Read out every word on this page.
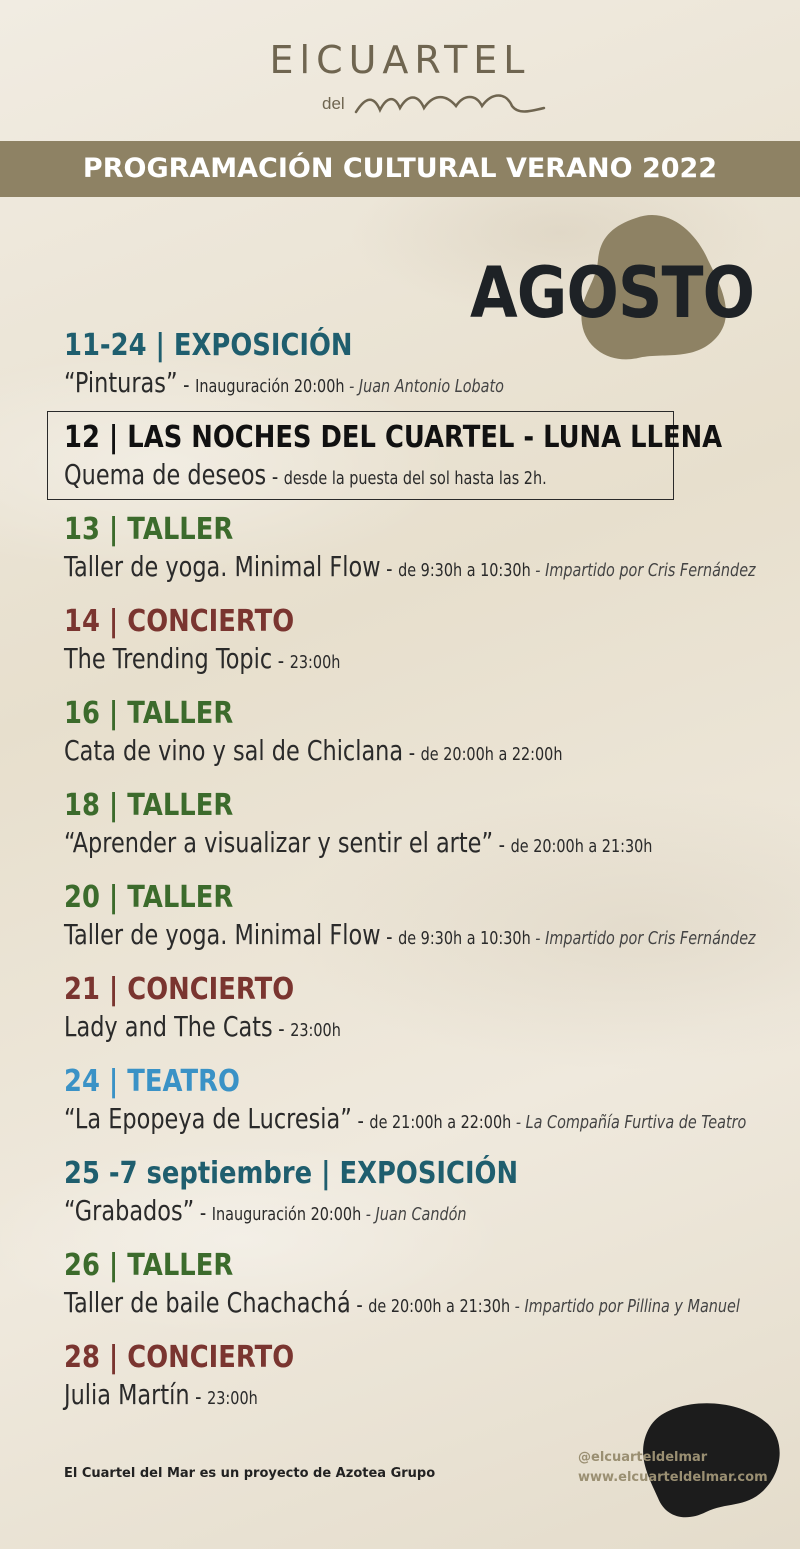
ElCUARTEL
del
PROGRAMACIÓN CULTURAL VERANO 2022
AGOSTO
11-24 | EXPOSICIÓN
“Pinturas” - Inauguración 20:00h - Juan Antonio Lobato
12 | LAS NOCHES DEL CUARTEL - LUNA LLENA
Quema de deseos - desde la puesta del sol hasta las 2h.
13 | TALLER
Taller de yoga. Minimal Flow - de 9:30h a 10:30h - Impartido por Cris Fernández
14 | CONCIERTO
The Trending Topic - 23:00h
16 | TALLER
Cata de vino y sal de Chiclana - de 20:00h a 22:00h
18 | TALLER
“Aprender a visualizar y sentir el arte” - de 20:00h a 21:30h
20 | TALLER
Taller de yoga. Minimal Flow - de 9:30h a 10:30h - Impartido por Cris Fernández
21 | CONCIERTO
Lady and The Cats - 23:00h
24 | TEATRO
“La Epopeya de Lucresia” - de 21:00h a 22:00h - La Compañía Furtiva de Teatro
25 -7 septiembre | EXPOSICIÓN
“Grabados” - Inauguración 20:00h - Juan Candón
26 | TALLER
Taller de baile Chachachá - de 20:00h a 21:30h - Impartido por Pillina y Manuel
28 | CONCIERTO
Julia Martín - 23:00h
El Cuartel del Mar es un proyecto de Azotea Grupo
@elcuarteldelmar
www.elcuarteldelmar.com
